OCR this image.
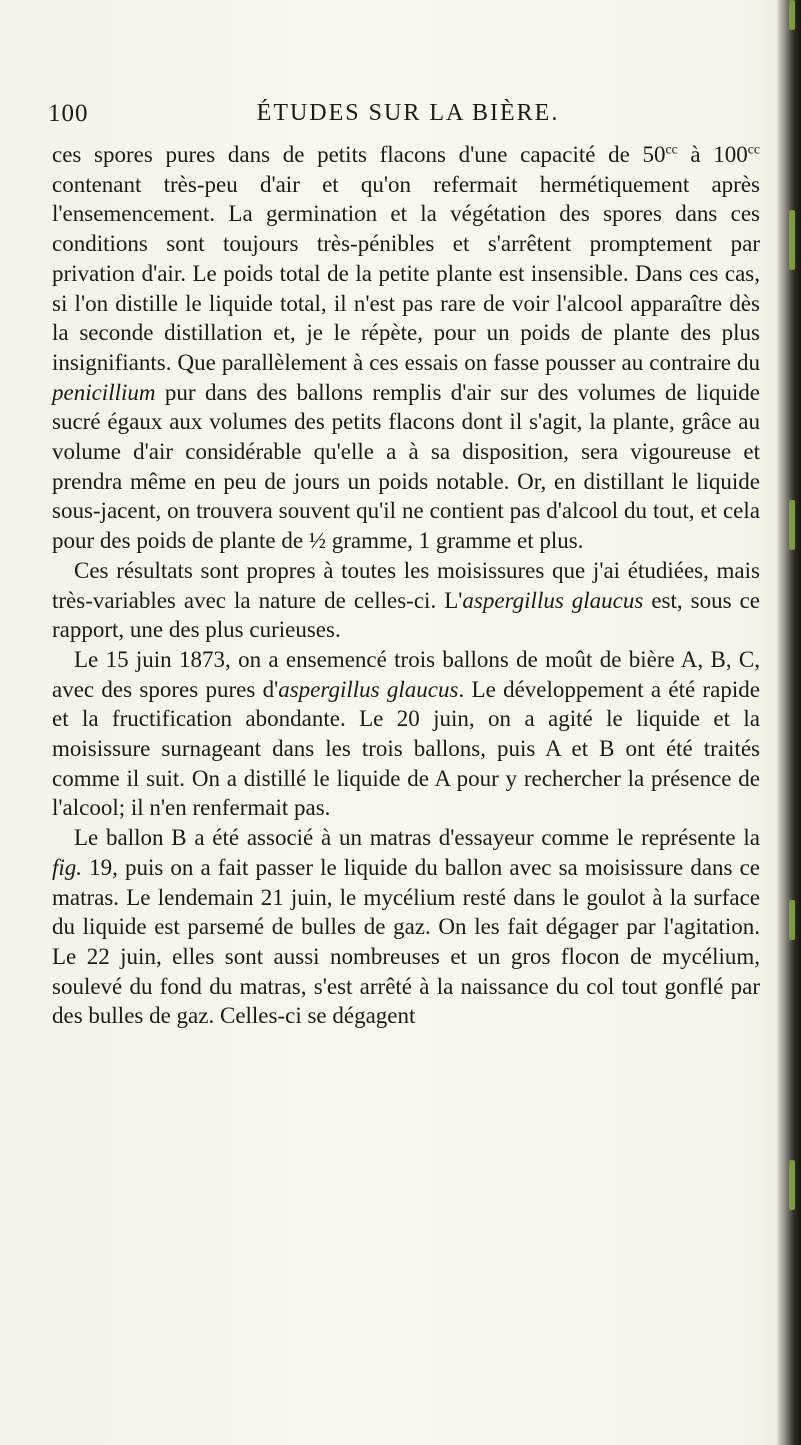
100	ÉTUDES SUR LA BIÈRE.

ces spores pures dans de petits flacons d'une capacité de $50^{cc}$ à $100^{cc}$ contenant très-peu d'air et qu'on refermait hermétiquement après l'ensemencement. La germination et la végétation des spores dans ces conditions sont toujours très-pénibles et s'arrêtent promptement par privation d'air. Le poids total de la petite plante est insensible. Dans ces cas, si l'on distille le liquide total, il n'est pas rare de voir l'alcool apparaître dès la seconde distillation et, je le répète, pour un poids de plante des plus insignifiants. Que parallèlement à ces essais on fasse pousser au contraire du penicillium pur dans des ballons remplis d'air sur des volumes de liquide sucré égaux aux volumes des petits flacons dont il s'agit, la plante, grâce au volume d'air considérable qu'elle a à sa disposition, sera vigoureuse et prendra même en peu de jours un poids notable. Or, en distillant le liquide sous-jacent, on trouvera souvent qu'il ne contient pas d'alcool du tout, et cela pour des poids de plante de ½ gramme, 1 gramme et plus.

Ces résultats sont propres à toutes les moisissures que j'ai étudiées, mais très-variables avec la nature de celles-ci. L'aspergillus glaucus est, sous ce rapport, une des plus curieuses.

Le 15 juin 1873, on a ensemencé trois ballons de moût de bière A, B, C, avec des spores pures d'aspergillus glaucus. Le développement a été rapide et la fructification abondante. Le 20 juin, on a agité le liquide et la moisissure surnageant dans les trois ballons, puis A et B ont été traités comme il suit. On a distillé le liquide de A pour y rechercher la présence de l'alcool; il n'en renfermait pas.

Le ballon B a été associé à un matras d'essayeur comme le représente la fig. 19, puis on a fait passer le liquide du ballon avec sa moisissure dans ce matras. Le lendemain 21 juin, le mycélium resté dans le goulot à la surface du liquide est parsemé de bulles de gaz. On les fait dégager par l'agitation. Le 22 juin, elles sont aussi nombreuses et un gros flocon de mycélium, soulevé du fond du matras, s'est arrêté à la naissance du col tout gonflé par des bulles de gaz. Celles-ci se dégagent
